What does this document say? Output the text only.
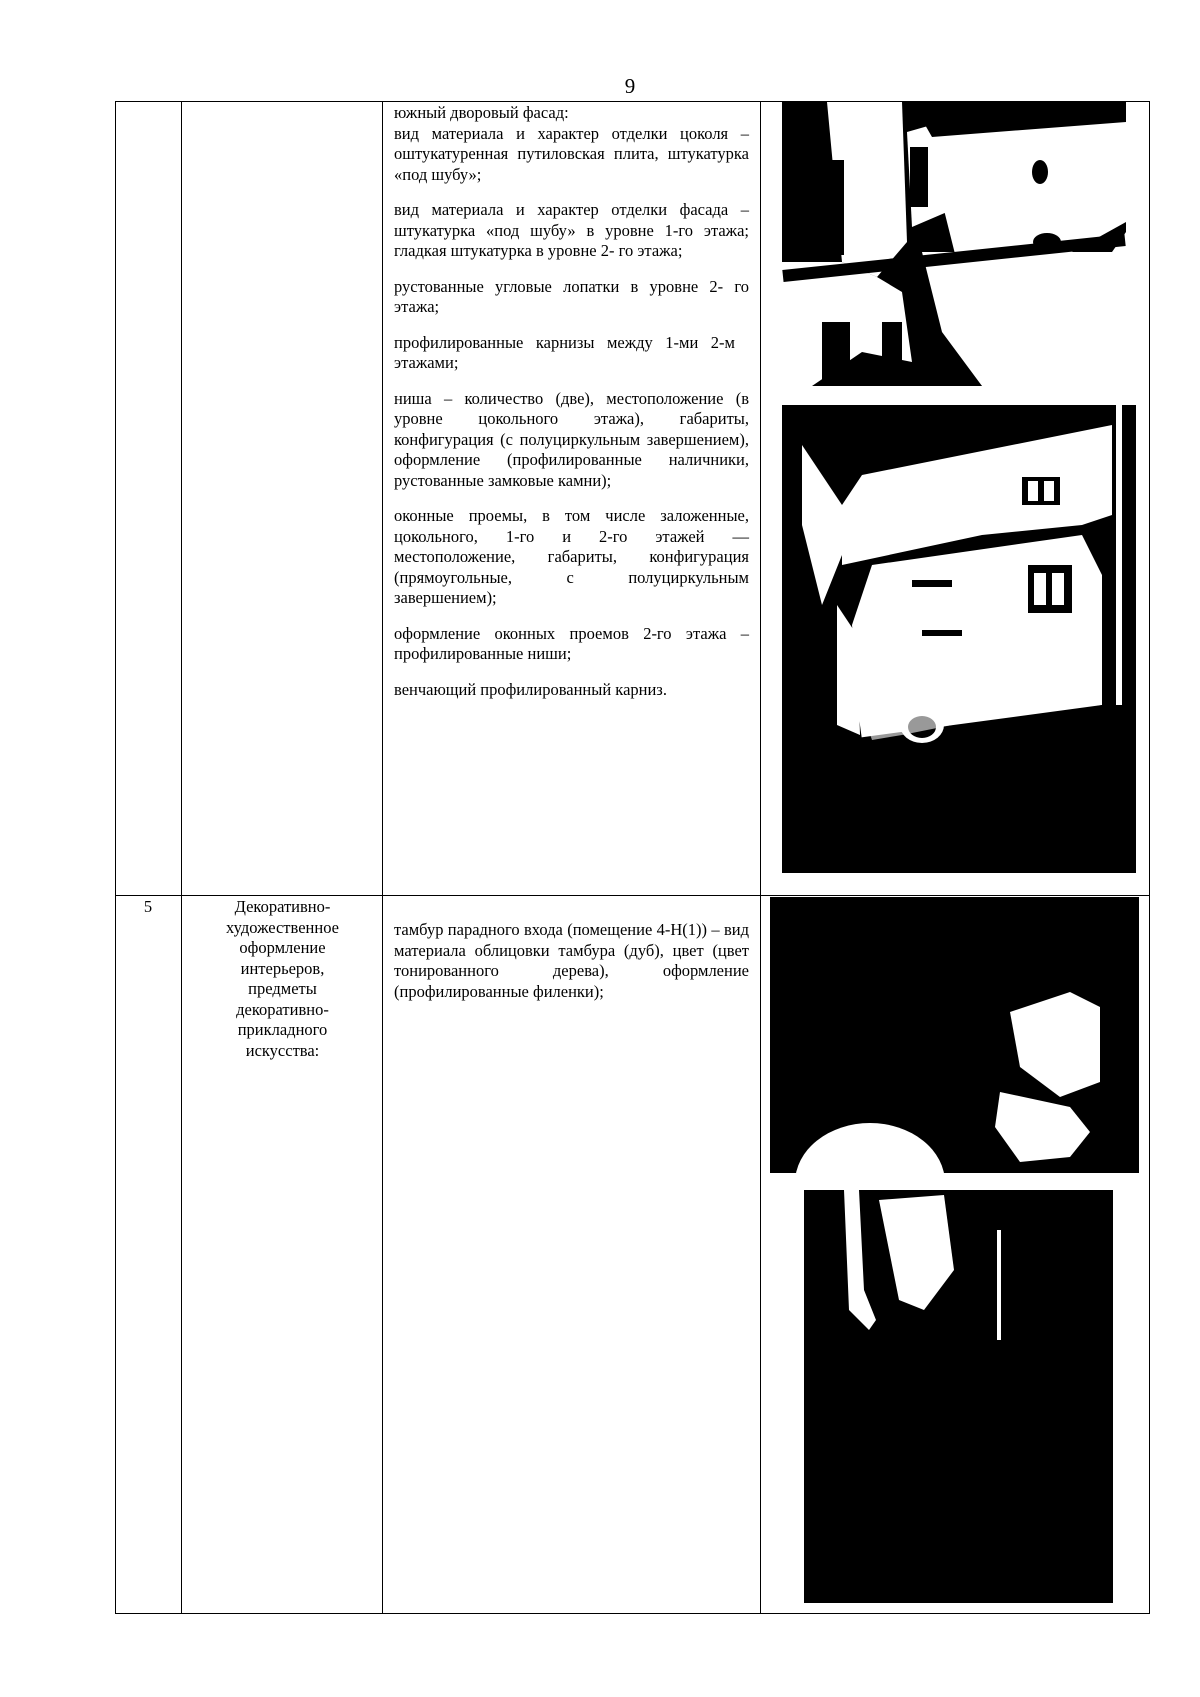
9

южный дворовый фасад:
вид материала и характер отделки цоколя – оштукатуренная путиловская плита, штукатурка «под шубу»;

вид материала и характер отделки фасада – штукатурка «под шубу» в уровне 1-го этажа; гладкая штукатурка в уровне 2- го этажа;

рустованные угловые лопатки в уровне 2- го этажа;

профилированные карнизы между 1-ми 2-м этажами;

ниша – количество (две), местоположение (в уровне цокольного этажа), габариты, конфигурация (с полуциркульным завершением), оформление (профилированные наличники, рустованные замковые камни);

оконные проемы, в том числе заложенные, цокольного, 1-го и 2-го этажей — местоположение, габариты, конфигурация (прямоугольные, с полуциркульным завершением);

оформление оконных проемов 2-го этажа – профилированные ниши;

венчающий профилированный карниз.

5	Декоративно-художественное оформление интерьеров, предметы декоративно-прикладного искусства:

тамбур парадного входа (помещение 4-Н(1)) – вид материала облицовки тамбура (дуб), цвет (цвет тонированного дерева), оформление (профилированные филенки);
